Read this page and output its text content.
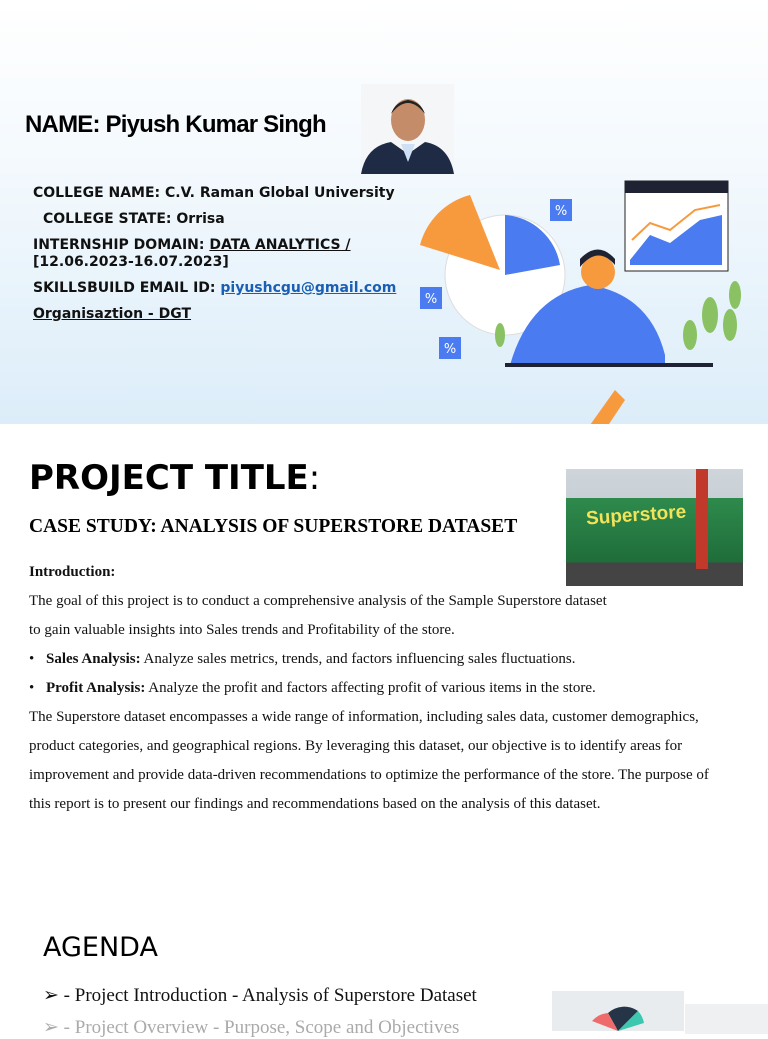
NAME: Piyush Kumar Singh
COLLEGE NAME: C.V. Raman Global University
COLLEGE STATE: Orrisa
INTERNSHIP DOMAIN: DATA ANALYTICS /
[12.06.2023-16.07.2023]
SKILLSBUILD EMAIL ID: piyushcgu@gmail.com
Organisaztion - DGT
%
%
%
PROJECT TITLE:
CASE STUDY: ANALYSIS OF SUPERSTORE DATASET	Superstore
Introduction:
The goal of this project is to conduct a comprehensive analysis of the Sample Superstore dataset to gain valuable insights into Sales trends and Profitability of the store.
• Sales Analysis: Analyze sales metrics, trends, and factors influencing sales fluctuations.
• Profit Analysis: Analyze the profit and factors affecting profit of various items in the store.
The Superstore dataset encompasses a wide range of information, including sales data, customer demographics, product categories, and geographical regions. By leveraging this dataset, our objective is to identify areas for improvement and provide data-driven recommendations to optimize the performance of the store. The purpose of this report is to present our findings and recommendations based on the analysis of this dataset.
AGENDA
➢ - Project Introduction - Analysis of Superstore Dataset
➢ - Project Overview - Purpose, Scope and Objectives
